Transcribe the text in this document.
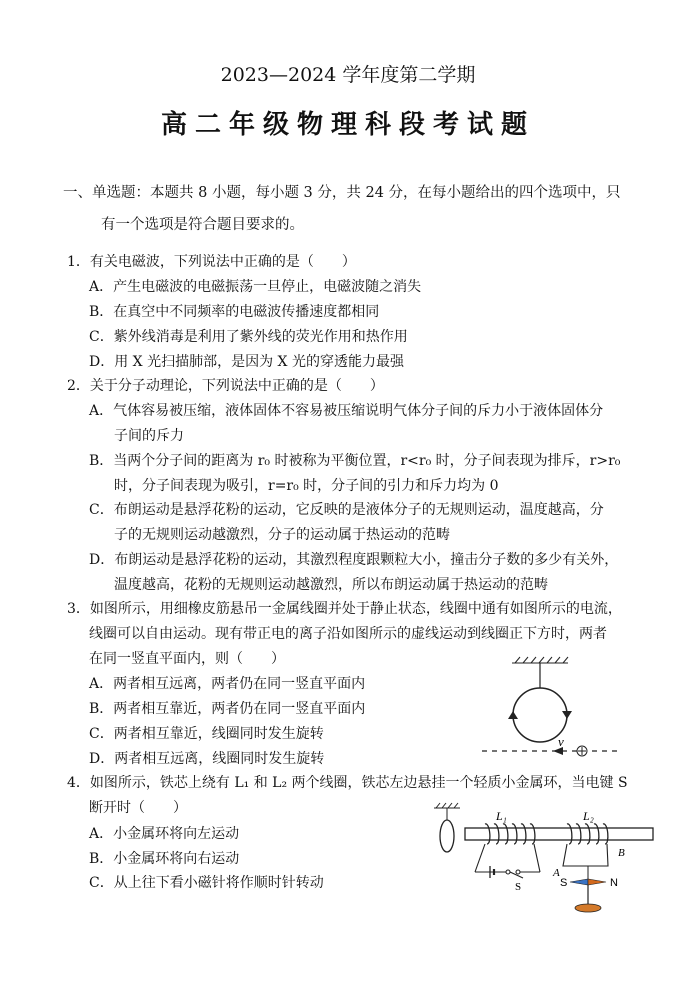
2023—2024 学年度第二学期
高二年级物理科段考试题
一、单选题：本题共 8 小题，每小题 3 分，共 24 分，在每小题给出的四个选项中，只
有一个选项是符合题目要求的。
1．有关电磁波，下列说法中正确的是（　　）
A．产生电磁波的电磁振荡一旦停止，电磁波随之消失
B．在真空中不同频率的电磁波传播速度都相同
C．紫外线消毒是利用了紫外线的荧光作用和热作用
D．用 X 光扫描肺部，是因为 X 光的穿透能力最强
2．关于分子动理论，下列说法中正确的是（　　）
A．气体容易被压缩，液体固体不容易被压缩说明气体分子间的斥力小于液体固体分
子间的斥力
B．当两个分子间的距离为 r₀ 时被称为平衡位置，r<r₀ 时，分子间表现为排斥，r>r₀
时，分子间表现为吸引，r=r₀ 时，分子间的引力和斥力均为 0
C．布朗运动是悬浮花粉的运动，它反映的是液体分子的无规则运动，温度越高，分
子的无规则运动越激烈，分子的运动属于热运动的范畴
D．布朗运动是悬浮花粉的运动，其激烈程度跟颗粒大小，撞击分子数的多少有关外，
温度越高，花粉的无规则运动越激烈，所以布朗运动属于热运动的范畴
3．如图所示，用细橡皮筋悬吊一金属线圈并处于静止状态，线圈中通有如图所示的电流，
线圈可以自由运动。现有带正电的离子沿如图所示的虚线运动到线圈正下方时，两者
在同一竖直平面内，则（　　）
A．两者相互远离，两者仍在同一竖直平面内
B．两者相互靠近，两者仍在同一竖直平面内
C．两者相互靠近，线圈同时发生旋转
D．两者相互远离，线圈同时发生旋转
v
4．如图所示，铁芯上绕有 L₁ 和 L₂ 两个线圈，铁芯左边悬挂一个轻质小金属环，当电键 S
断开时（　　）
A．小金属环将向左运动
B．小金属环将向右运动
C．从上往下看小磁针将作顺时针转动	S
L₁	L₂
A
B
S	N
